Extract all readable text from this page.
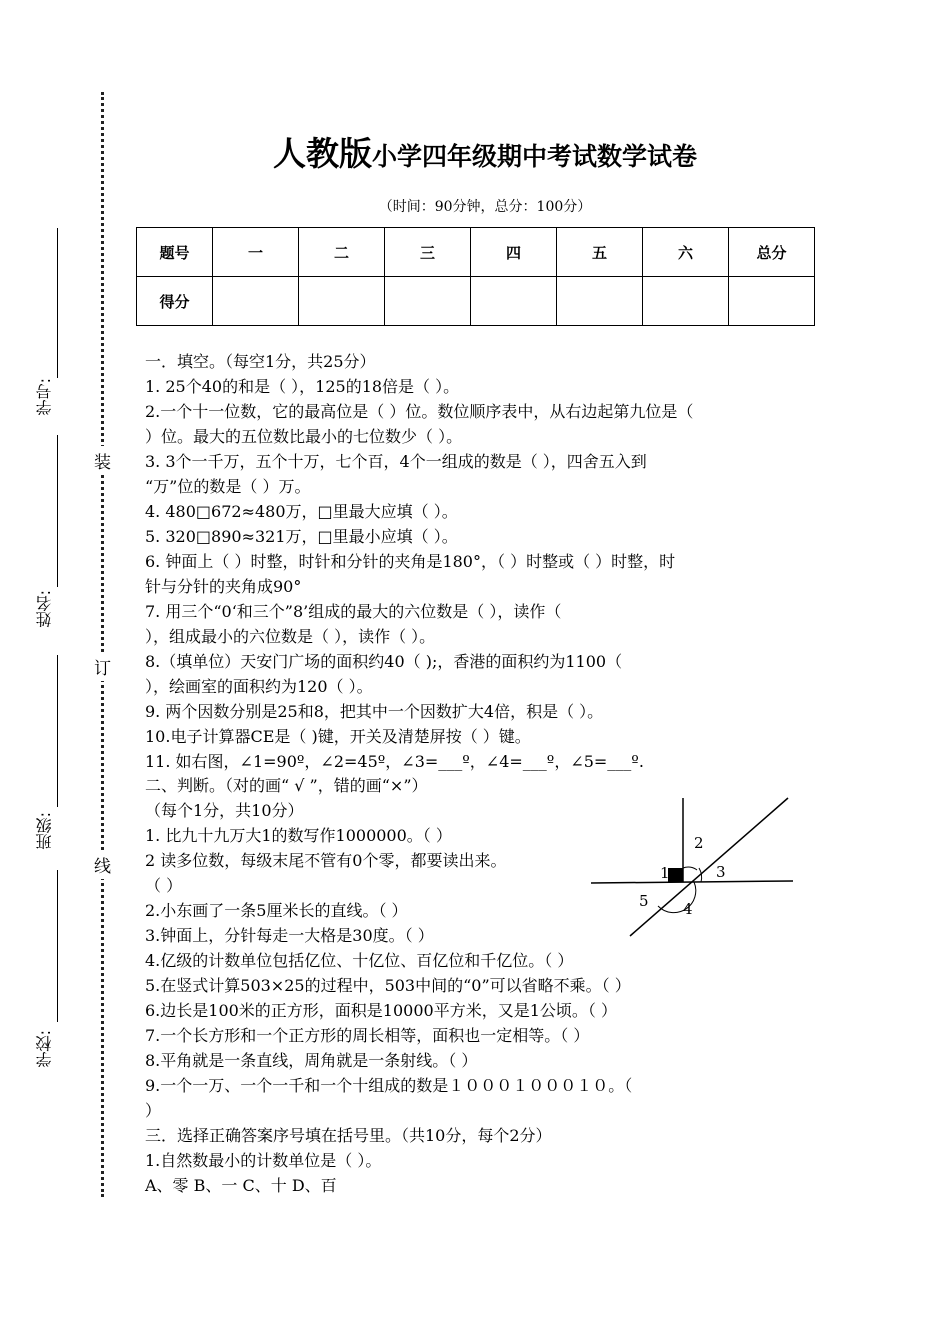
学号:
姓名:
班级:
学校:
装
订
线
人教版小学四年级期中考试数学试卷
（时间：90分钟，总分：100分）
题号	一	二	三	四	五	六	总分
得分							
一．填空。（每空1分，共25分）
1. 25个40的和是（ ），125的18倍是（ ）。
2.一个十一位数，它的最高位是（ ）位。数位顺序表中，从右边起第九位是（
）位。最大的五位数比最小的七位数少（ ）。
3. 3个一千万，五个十万，七个百，4个一组成的数是（ ），四舍五入到
“万”位的数是（ ）万。
4. 480□672≈480万，□里最大应填（ ）。
5. 320□890≈321万，□里最小应填（ ）。
6. 钟面上（ ）时整，时针和分针的夹角是180°，（ ）时整或（ ）时整，时
针与分针的夹角成90°
7. 用三个“0‘和三个”8’组成的最大的六位数是（ ），读作（
），组成最小的六位数是（ ），读作（ ）。
8.（填单位）天安门广场的面积约40（ );，香港的面积约为1100（
），绘画室的面积约为120（ ）。
9. 两个因数分别是25和8，把其中一个因数扩大4倍，积是（ ）。
10.电子计算器CE是（ )键，开关及清楚屏按（ ）键。
11. 如右图，∠1=90º，∠2=45º，∠3=___º，∠4=___º，∠5=___º.
二、判断。（对的画“ √ ”，错的画“×”）
（每个1分，共10分）
1. 比九十九万大1的数写作1000000。（ ）
2 读多位数，每级末尾不管有0个零，都要读出来。
（ ）
2.小东画了一条5厘米长的直线。（ ）
3.钟面上，分针每走一大格是30度。（ ）
4.亿级的计数单位包括亿位、十亿位、百亿位和千亿位。（ ）
5.在竖式计算503×25的过程中，503中间的“0”可以省略不乘。（ ）
6.边长是100米的正方形，面积是10000平方米，又是1公顷。（ ）
7.一个长方形和一个正方形的周长相等，面积也一定相等。（ ）
8.平角就是一条直线，周角就是一条射线。（ ）
9.一个一万、一个一千和一个十组成的数是１０００１０００１０。（
）
三．选择正确答案序号填在括号里。（共10分，每个2分）
1.自然数最小的计数单位是（ ）。
A、零 B、一 C、十 D、百
1
2
3
4
5
